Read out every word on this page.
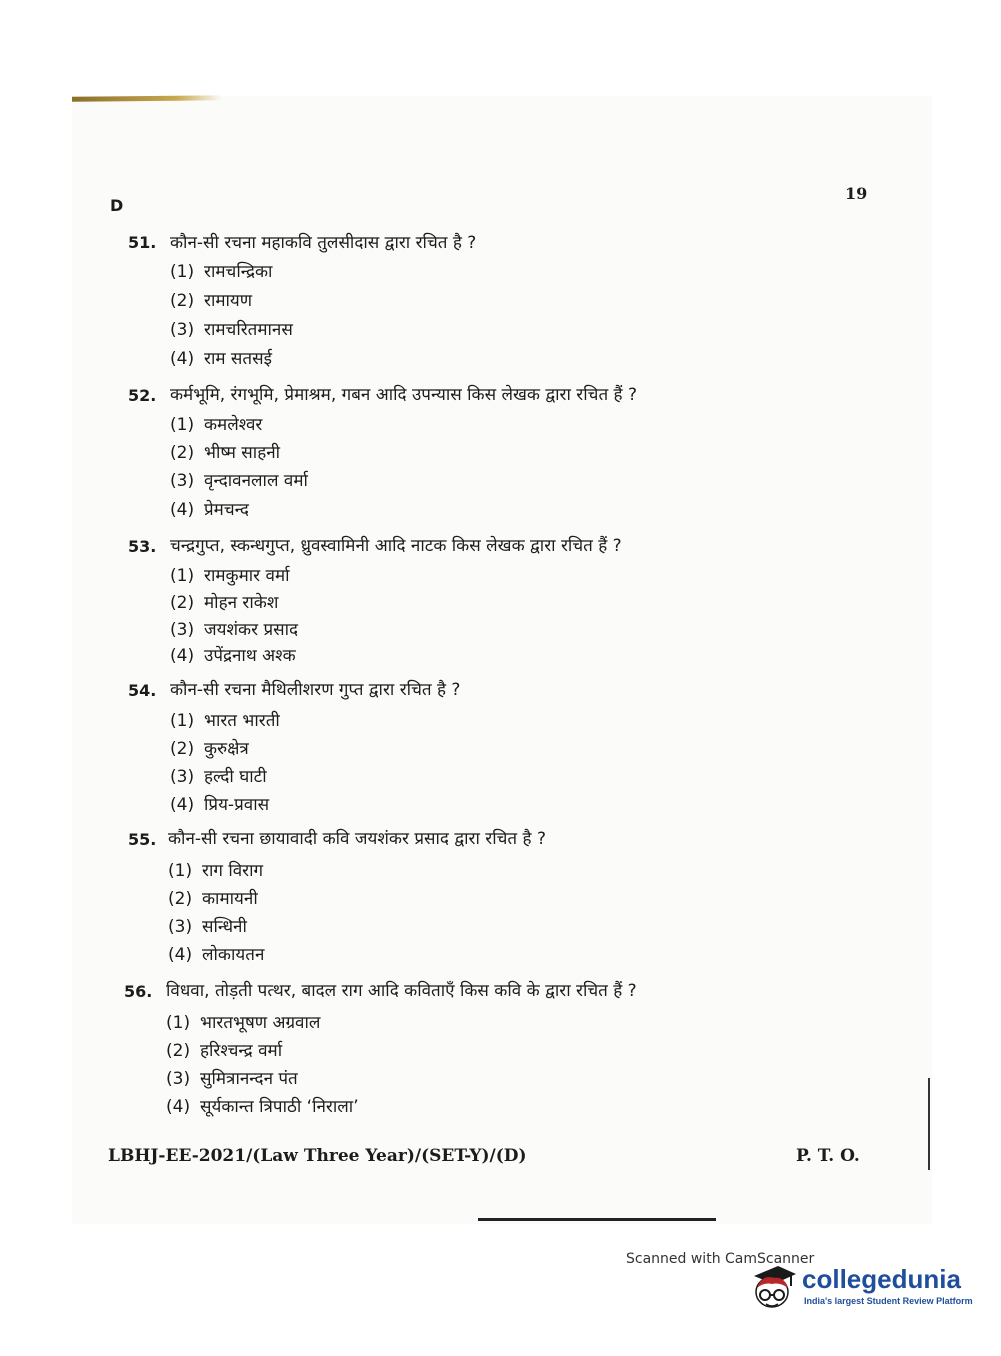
D
19
51. कौन-सी रचना महाकवि तुलसीदास द्वारा रचित है ?
(1) रामचन्द्रिका
(2) रामायण
(3) रामचरितमानस
(4) राम सतसई
52. कर्मभूमि, रंगभूमि, प्रेमाश्रम, गबन आदि उपन्यास किस लेखक द्वारा रचित हैं ?
(1) कमलेश्वर
(2) भीष्म साहनी
(3) वृन्दावनलाल वर्मा
(4) प्रेमचन्द
53. चन्द्रगुप्त, स्कन्धगुप्त, ध्रुवस्वामिनी आदि नाटक किस लेखक द्वारा रचित हैं ?
(1) रामकुमार वर्मा
(2) मोहन राकेश
(3) जयशंकर प्रसाद
(4) उपेंद्रनाथ अश्क
54. कौन-सी रचना मैथिलीशरण गुप्त द्वारा रचित है ?
(1) भारत भारती
(2) कुरुक्षेत्र
(3) हल्दी घाटी
(4) प्रिय-प्रवास
55. कौन-सी रचना छायावादी कवि जयशंकर प्रसाद द्वारा रचित है ?
(1) राग विराग
(2) कामायनी
(3) सन्धिनी
(4) लोकायतन
56. विधवा, तोड़ती पत्थर, बादल राग आदि कविताएँ किस कवि के द्वारा रचित हैं ?
(1) भारतभूषण अग्रवाल
(2) हरिश्चन्द्र वर्मा
(3) सुमित्रानन्दन पंत
(4) सूर्यकान्त त्रिपाठी ‘निराला’
LBHJ-EE-2021/(Law Three Year)/(SET-Y)/(D)	P. T. O.
Scanned with CamScanner
collegedunia
India's largest Student Review Platform
